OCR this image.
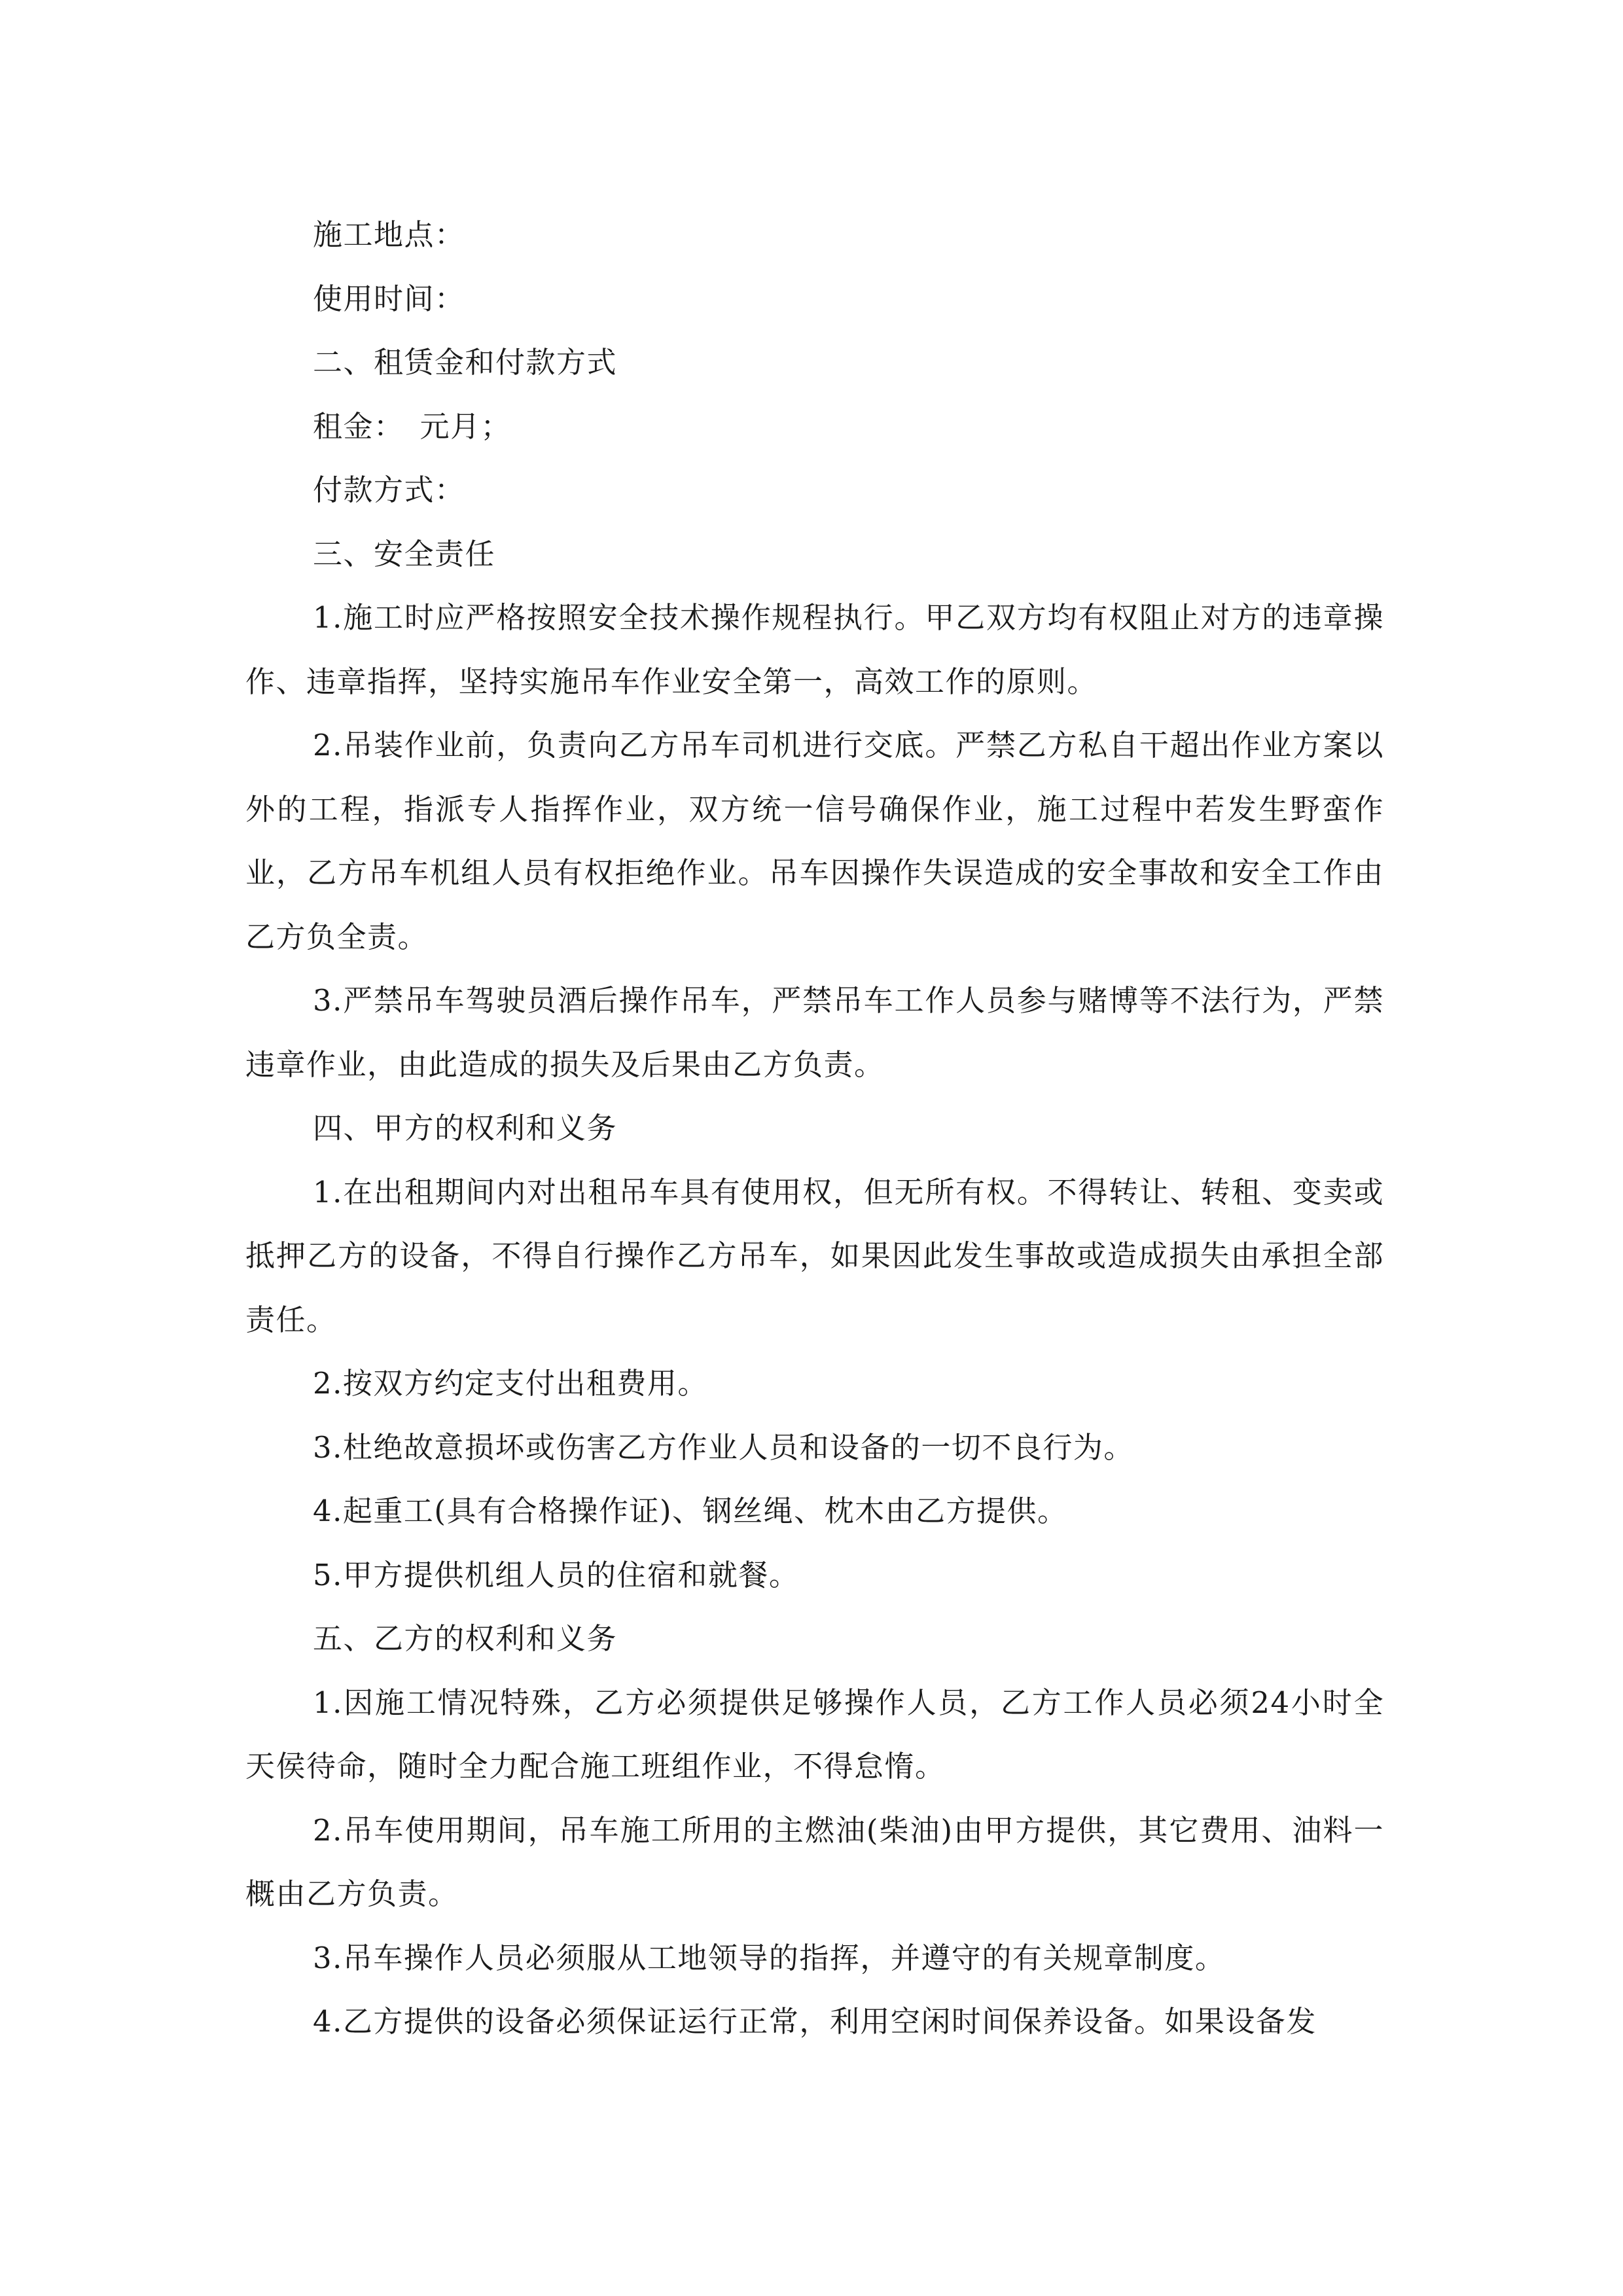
施工地点：

使用时间：

二、租赁金和付款方式

租金：　元月；

付款方式：

三、安全责任

1.施工时应严格按照安全技术操作规程执行。甲乙双方均有权阻止对方的违章操作、违章指挥，坚持实施吊车作业安全第一，高效工作的原则。

2.吊装作业前，负责向乙方吊车司机进行交底。严禁乙方私自干超出作业方案以外的工程，指派专人指挥作业，双方统一信号确保作业，施工过程中若发生野蛮作业，乙方吊车机组人员有权拒绝作业。吊车因操作失误造成的安全事故和安全工作由乙方负全责。

3.严禁吊车驾驶员酒后操作吊车，严禁吊车工作人员参与赌博等不法行为，严禁违章作业，由此造成的损失及后果由乙方负责。

四、甲方的权利和义务

1.在出租期间内对出租吊车具有使用权，但无所有权。不得转让、转租、变卖或抵押乙方的设备，不得自行操作乙方吊车，如果因此发生事故或造成损失由承担全部责任。

2.按双方约定支付出租费用。

3.杜绝故意损坏或伤害乙方作业人员和设备的一切不良行为。

4.起重工(具有合格操作证)、钢丝绳、枕木由乙方提供。

5.甲方提供机组人员的住宿和就餐。

五、乙方的权利和义务

1.因施工情况特殊，乙方必须提供足够操作人员，乙方工作人员必须24小时全天侯待命，随时全力配合施工班组作业，不得怠惰。

2.吊车使用期间，吊车施工所用的主燃油(柴油)由甲方提供，其它费用、油料一概由乙方负责。

3.吊车操作人员必须服从工地领导的指挥，并遵守的有关规章制度。

4.乙方提供的设备必须保证运行正常，利用空闲时间保养设备。如果设备发
